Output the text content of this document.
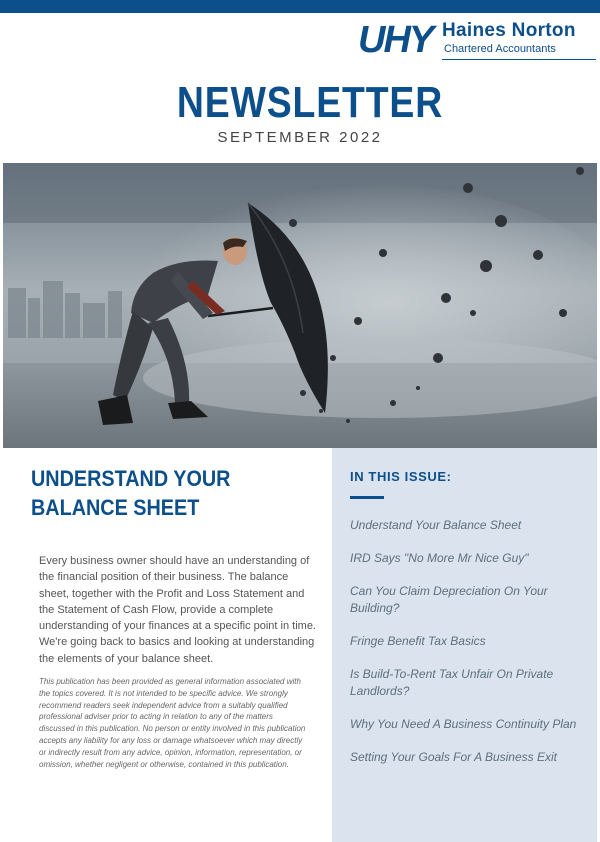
UHY Haines Norton
Chartered Accountants
NEWSLETTER
SEPTEMBER 2022
UNDERSTAND YOUR BALANCE SHEET

Every business owner should have an understanding of the financial position of their business. The balance sheet, together with the Profit and Loss Statement and the Statement of Cash Flow, provide a complete understanding of your finances at a specific point in time. We're going back to basics and looking at understanding the elements of your balance sheet.

This publication has been provided as general information associated with the topics covered. It is not intended to be specific advice. We strongly recommend readers seek independent advice from a suitably qualified professional adviser prior to acting in relation to any of the matters discussed in this publication. No person or entity involved in this publication accepts any liability for any loss or damage whatsoever which may directly or indirectly result from any advice, opinion, information, representation, or omission, whether negligent or otherwise, contained in this publication.

IN THIS ISSUE:
Understand Your Balance Sheet
IRD Says "No More Mr Nice Guy"
Can You Claim Depreciation On Your Building?
Fringe Benefit Tax Basics
Is Build-To-Rent Tax Unfair On Private Landlords?
Why You Need A Business Continuity Plan
Setting Your Goals For A Business Exit
